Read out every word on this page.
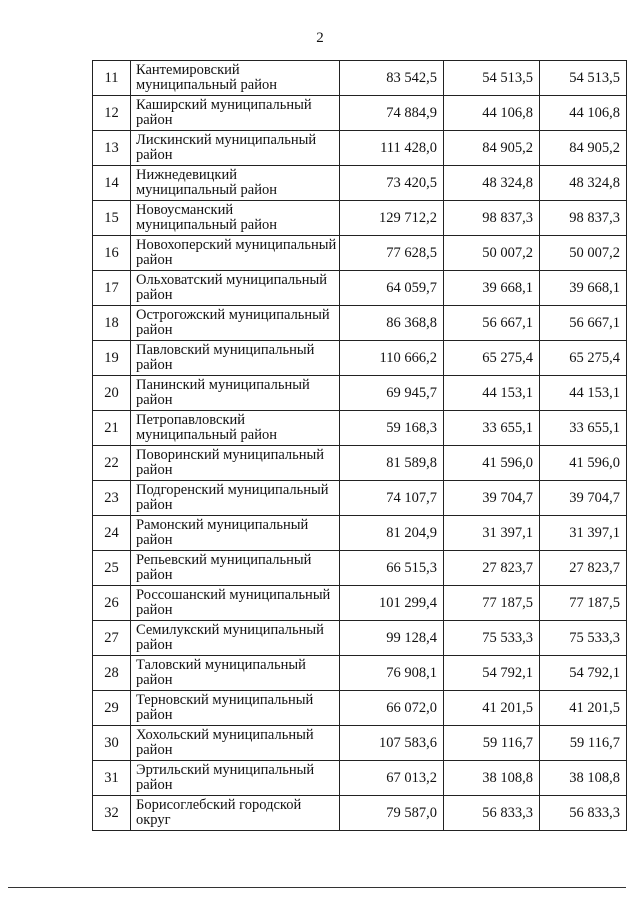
2
11	Кантемировский муниципальный район	83 542,5	54 513,5	54 513,5
12	Каширский муниципальный район	74 884,9	44 106,8	44 106,8
13	Лискинский муниципальный район	111 428,0	84 905,2	84 905,2
14	Нижнедевицкий муниципальный район	73 420,5	48 324,8	48 324,8
15	Новоусманский муниципальный район	129 712,2	98 837,3	98 837,3
16	Новохоперский муниципальный район	77 628,5	50 007,2	50 007,2
17	Ольховатский муниципальный район	64 059,7	39 668,1	39 668,1
18	Острогожский муниципальный район	86 368,8	56 667,1	56 667,1
19	Павловский муниципальный район	110 666,2	65 275,4	65 275,4
20	Панинский муниципальный район	69 945,7	44 153,1	44 153,1
21	Петропавловский муниципальный район	59 168,3	33 655,1	33 655,1
22	Поворинский муниципальный район	81 589,8	41 596,0	41 596,0
23	Подгоренский муниципальный район	74 107,7	39 704,7	39 704,7
24	Рамонский муниципальный район	81 204,9	31 397,1	31 397,1
25	Репьевский муниципальный район	66 515,3	27 823,7	27 823,7
26	Россошанский муниципальный район	101 299,4	77 187,5	77 187,5
27	Семилукский муниципальный район	99 128,4	75 533,3	75 533,3
28	Таловский муниципальный район	76 908,1	54 792,1	54 792,1
29	Терновский муниципальный район	66 072,0	41 201,5	41 201,5
30	Хохольский муниципальный район	107 583,6	59 116,7	59 116,7
31	Эртильский муниципальный район	67 013,2	38 108,8	38 108,8
32	Борисоглебский городской округ	79 587,0	56 833,3	56 833,3
